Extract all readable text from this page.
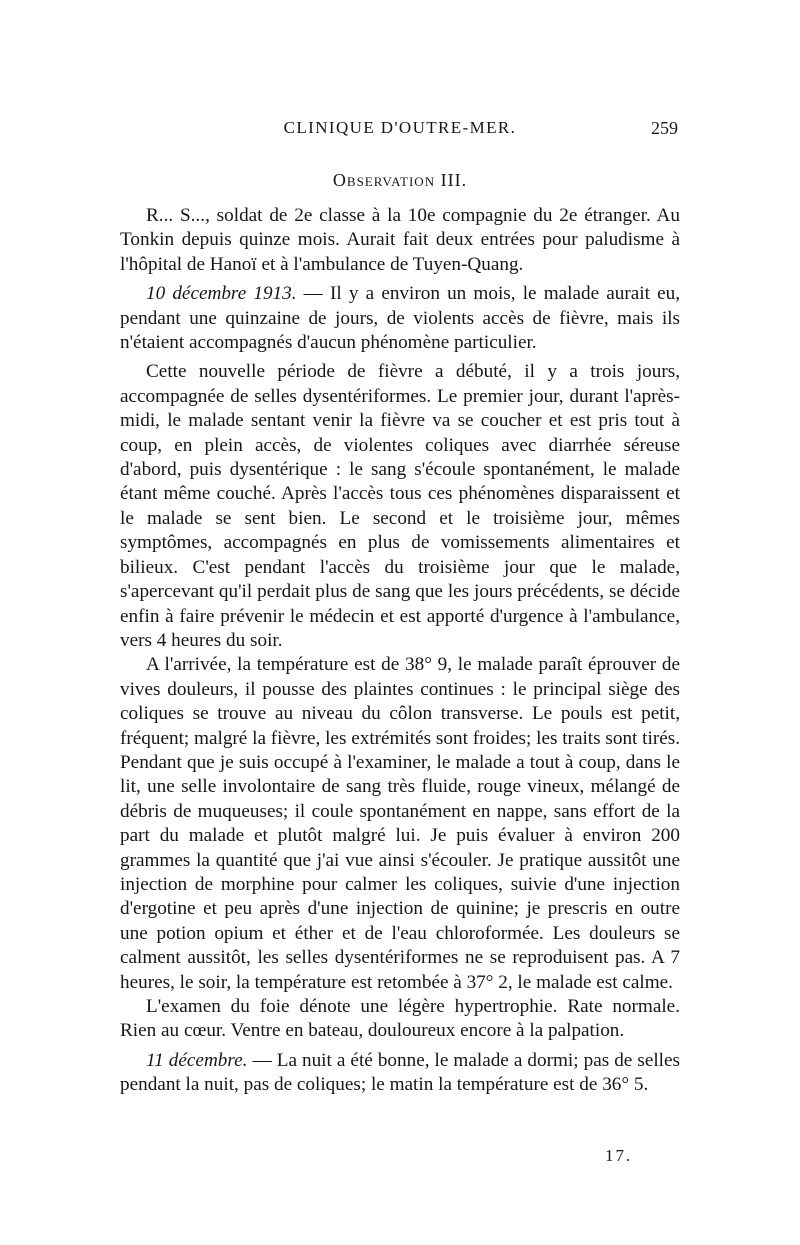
CLINIQUE D'OUTRE-MER.	259
Observation III.

R... S..., soldat de 2e classe à la 10e compagnie du 2e étranger. Au Tonkin depuis quinze mois. Aurait fait deux entrées pour paludisme à l'hôpital de Hanoï et à l'ambulance de Tuyen-Quang.

10 décembre 1913. — Il y a environ un mois, le malade aurait eu, pendant une quinzaine de jours, de violents accès de fièvre, mais ils n'étaient accompagnés d'aucun phénomène particulier.

Cette nouvelle période de fièvre a débuté, il y a trois jours, accompagnée de selles dysentériformes. Le premier jour, durant l'après-midi, le malade sentant venir la fièvre va se coucher et est pris tout à coup, en plein accès, de violentes coliques avec diarrhée séreuse d'abord, puis dysentérique : le sang s'écoule spontanément, le malade étant même couché. Après l'accès tous ces phénomènes disparaissent et le malade se sent bien. Le second et le troisième jour, mêmes symptômes, accompagnés en plus de vomissements alimentaires et bilieux. C'est pendant l'accès du troisième jour que le malade, s'apercevant qu'il perdait plus de sang que les jours précédents, se décide enfin à faire prévenir le médecin et est apporté d'urgence à l'ambulance, vers 4 heures du soir.

A l'arrivée, la température est de 38° 9, le malade paraît éprouver de vives douleurs, il pousse des plaintes continues : le principal siège des coliques se trouve au niveau du côlon transverse. Le pouls est petit, fréquent; malgré la fièvre, les extrémités sont froides; les traits sont tirés. Pendant que je suis occupé à l'examiner, le malade a tout à coup, dans le lit, une selle involontaire de sang très fluide, rouge vineux, mélangé de débris de muqueuses; il coule spontanément en nappe, sans effort de la part du malade et plutôt malgré lui. Je puis évaluer à environ 200 grammes la quantité que j'ai vue ainsi s'écouler. Je pratique aussitôt une injection de morphine pour calmer les coliques, suivie d'une injection d'ergotine et peu après d'une injection de quinine; je prescris en outre une potion opium et éther et de l'eau chloroformée. Les douleurs se calment aussitôt, les selles dysentériformes ne se reproduisent pas. A 7 heures, le soir, la température est retombée à 37° 2, le malade est calme.

L'examen du foie dénote une légère hypertrophie. Rate normale. Rien au cœur. Ventre en bateau, douloureux encore à la palpation.

11 décembre. — La nuit a été bonne, le malade a dormi; pas de selles pendant la nuit, pas de coliques; le matin la température est de 36° 5.

17.
